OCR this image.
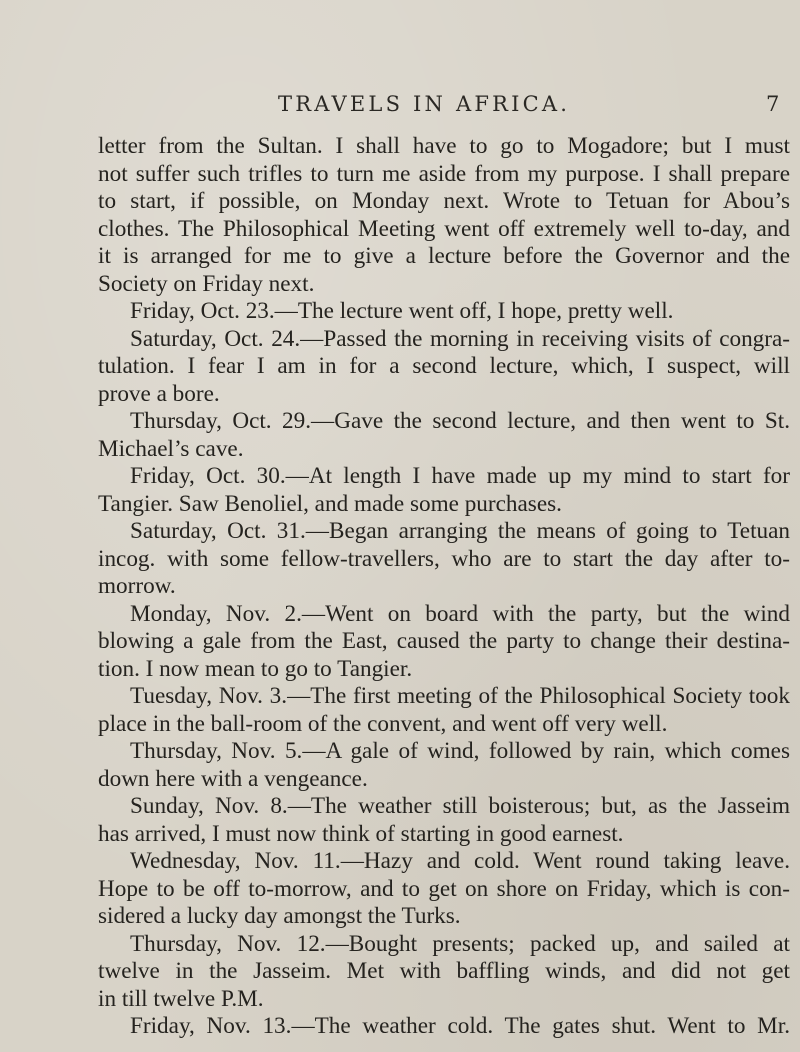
TRAVELS IN AFRICA.	7
letter from the Sultan. I shall have to go to Mogadore; but I must
not suffer such trifles to turn me aside from my purpose. I shall prepare
to start, if possible, on Monday next. Wrote to Tetuan for Abou’s
clothes. The Philosophical Meeting went off extremely well to-day, and
it is arranged for me to give a lecture before the Governor and the
Society on Friday next.
Friday, Oct. 23.—The lecture went off, I hope, pretty well.
Saturday, Oct. 24.—Passed the morning in receiving visits of congra-
tulation. I fear I am in for a second lecture, which, I suspect, will
prove a bore.
Thursday, Oct. 29.—Gave the second lecture, and then went to St.
Michael’s cave.
Friday, Oct. 30.—At length I have made up my mind to start for
Tangier. Saw Benoliel, and made some purchases.
Saturday, Oct. 31.—Began arranging the means of going to Tetuan
incog. with some fellow-travellers, who are to start the day after to-
morrow.
Monday, Nov. 2.—Went on board with the party, but the wind
blowing a gale from the East, caused the party to change their destina-
tion. I now mean to go to Tangier.
Tuesday, Nov. 3.—The first meeting of the Philosophical Society took
place in the ball-room of the convent, and went off very well.
Thursday, Nov. 5.—A gale of wind, followed by rain, which comes
down here with a vengeance.
Sunday, Nov. 8.—The weather still boisterous; but, as the Jasseim
has arrived, I must now think of starting in good earnest.
Wednesday, Nov. 11.—Hazy and cold. Went round taking leave.
Hope to be off to-morrow, and to get on shore on Friday, which is con-
sidered a lucky day amongst the Turks.
Thursday, Nov. 12.—Bought presents; packed up, and sailed at
twelve in the Jasseim. Met with baffling winds, and did not get
in till twelve P.M.
Friday, Nov. 13.—The weather cold. The gates shut. Went to Mr.
